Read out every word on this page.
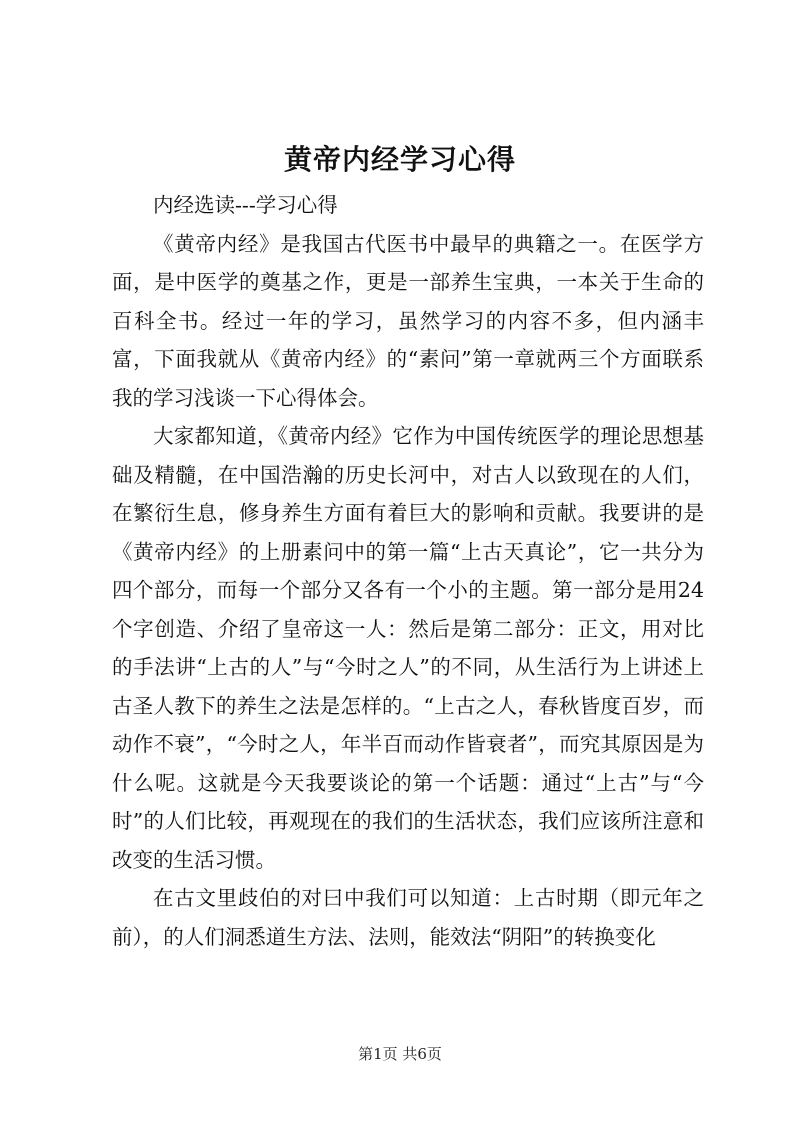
黄帝内经学习心得

内经选读---学习心得

《黄帝内经》是我国古代医书中最早的典籍之一。在医学方面，是中医学的奠基之作，更是一部养生宝典，一本关于生命的百科全书。经过一年的学习，虽然学习的内容不多，但内涵丰富，下面我就从《黄帝内经》的“素问”第一章就两三个方面联系我的学习浅谈一下心得体会。

大家都知道，《黄帝内经》它作为中国传统医学的理论思想基础及精髓，在中国浩瀚的历史长河中，对古人以致现在的人们，在繁衍生息，修身养生方面有着巨大的影响和贡献。我要讲的是《黄帝内经》的上册素问中的第一篇“上古天真论”，它一共分为四个部分，而每一个部分又各有一个小的主题。第一部分是用24个字创造、介绍了皇帝这一人：然后是第二部分：正文，用对比的手法讲“上古的人”与“今时之人”的不同，从生活行为上讲述上古圣人教下的养生之法是怎样的。“上古之人，春秋皆度百岁，而动作不衰”，“今时之人，年半百而动作皆衰者”，而究其原因是为什么呢。这就是今天我要谈论的第一个话题：通过“上古”与“今时”的人们比较，再观现在的我们的生活状态，我们应该所注意和改变的生活习惯。

在古文里歧伯的对曰中我们可以知道：上古时期（即元年之前），的人们洞悉道生方法、法则，能效法“阴阳”的转换变化

第1页 共6页
